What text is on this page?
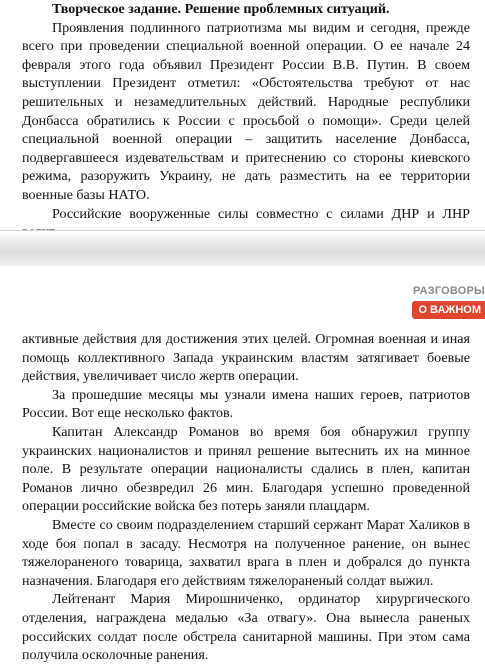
Творческое задание. Решение проблемных ситуаций.

Проявления подлинного патриотизма мы видим и сегодня, прежде всего при проведении специальной военной операции. О ее начале 24 февраля этого года объявил Президент России В.В. Путин. В своем выступлении Президент отметил: «Обстоятельства требуют от нас решительных и незамедлительных действий. Народные республики Донбасса обратились к России с просьбой о помощи». Среди целей специальной военной операции – защитить население Донбасса, подвергавшееся издевательствам и притеснению со стороны киевского режима, разоружить Украину, не дать разместить на ее территории военные базы НАТО.

Российские вооруженные силы совместно с силами ДНР и ЛНР

активные действия для достижения этих целей. Огромная военная и иная помощь коллективного Запада украинским властям затягивает боевые действия, увеличивает число жертв операции.

За прошедшие месяцы мы узнали имена наших героев, патриотов России. Вот еще несколько фактов.

Капитан Александр Романов во время боя обнаружил группу украинских националистов и принял решение вытеснить их на минное поле. В результате операции националисты сдались в плен, капитан Романов лично обезвредил 26 мин. Благодаря успешно проведенной операции российские войска без потерь заняли плацдарм.

Вместе со своим подразделением старший сержант Марат Халиков в ходе боя попал в засаду. Несмотря на полученное ранение, он вынес тяжелораненого товарица, захватил врага в плен и добрался до пункта назначения. Благодаря его действиям тяжелораненый солдат выжил.

Лейтенант Мария Мирошниченко, ординатор хирургического отделения, награждена медалью «За отвагу». Она вынесла раненых российских солдат после обстрела санитарной машины. При этом сама получила осколочные ранения.

РАЗГОВОРЫ
О ВАЖНОМ
